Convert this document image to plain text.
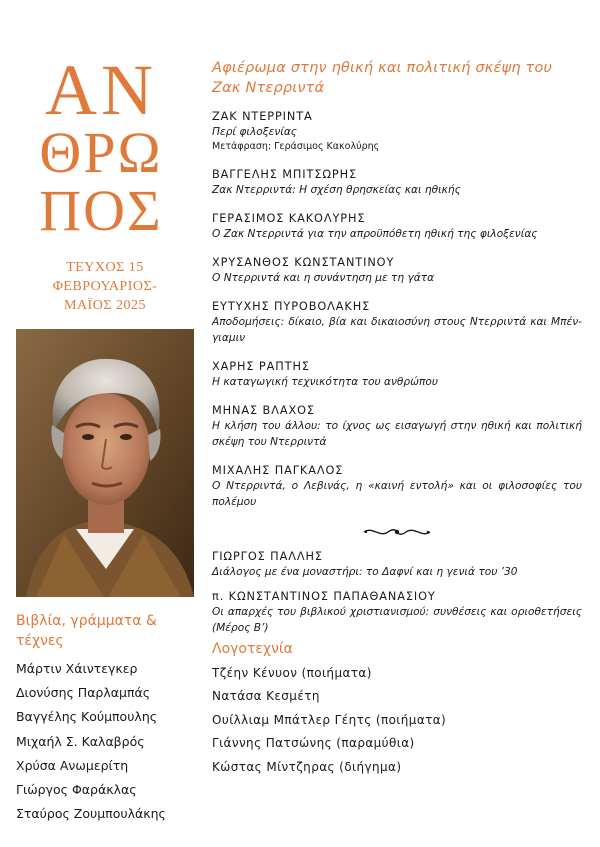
ΑΝ
ΘΡΩ
ΠΟΣ
ΤΕΥΧΟΣ 15
ΦΕΒΡΟΥΑΡΙΟΣ-
ΜΑΪΟΣ 2025
Βιβλία, γράμματα & τέχνες
Μάρτιν Χάιντεγκερ
Διονύσης Παρλαμπάς
Βαγγέλης Κούμπουλης
Μιχαήλ Σ. Καλαβρός
Χρύσα Ανωμερίτη
Γιώργος Φαράκλας
Σταύρος Ζουμπουλάκης
Αφιέρωμα στην ηθική και πολιτική σκέψη του Ζακ Ντερριντά
ΖΑΚ ΝΤΕΡΡΙΝΤΑ
Περί φιλοξενίας
Μετάφραση: Γεράσιμος Κακολύρης
ΒΑΓΓΕΛΗΣ ΜΠΙΤΣΩΡΗΣ
Ζακ Ντερριντά: Η σχέση θρησκείας και ηθικής
ΓΕΡΑΣΙΜΟΣ ΚΑΚΟΛΥΡΗΣ
Ο Ζακ Ντερριντά για την απροϋπόθετη ηθική της φιλοξενίας
ΧΡΥΣΑΝΘΟΣ ΚΩΝΣΤΑΝΤΙΝΟΥ
Ο Ντερριντά και η συνάντηση με τη γάτα
ΕΥΤΥΧΗΣ ΠΥΡΟΒΟΛΑΚΗΣ
Αποδομήσεις: δίκαιο, βία και δικαιοσύνη στους Ντερριντά και Μπέν-γιαμιν
ΧΑΡΗΣ ΡΑΠΤΗΣ
Η καταγωγική τεχνικότητα του ανθρώπου
ΜΗΝΑΣ ΒΛΑΧΟΣ
Η κλήση του άλλου: το ίχνος ως εισαγωγή στην ηθική και πολιτική σκέψη του Ντερριντά
ΜΙΧΑΛΗΣ ΠΑΓΚΑΛΟΣ
Ο Ντερριντά, ο Λεβινάς, η «καινή εντολή» και οι φιλοσοφίες του πολέμου
ΓΙΩΡΓΟΣ ΠΑΛΛΗΣ
Διάλογος με ένα μοναστήρι: το Δαφνί και η γενιά του ’30
π. ΚΩΝΣΤΑΝΤΙΝΟΣ ΠΑΠΑΘΑΝΑΣΙΟΥ
Οι απαρχές του βιβλικού χριστιανισμού: συνθέσεις και οριοθετήσεις (Μέρος Β’)
Λογοτεχνία
Τζέην Κένυον (ποιήματα)
Νατάσα Κεσμέτη
Ουίλλιαμ Μπάτλερ Γέητς (ποιήματα)
Γιάννης Πατσώνης (παραμύθια)
Κώστας Μίντζηρας (διήγημα)
